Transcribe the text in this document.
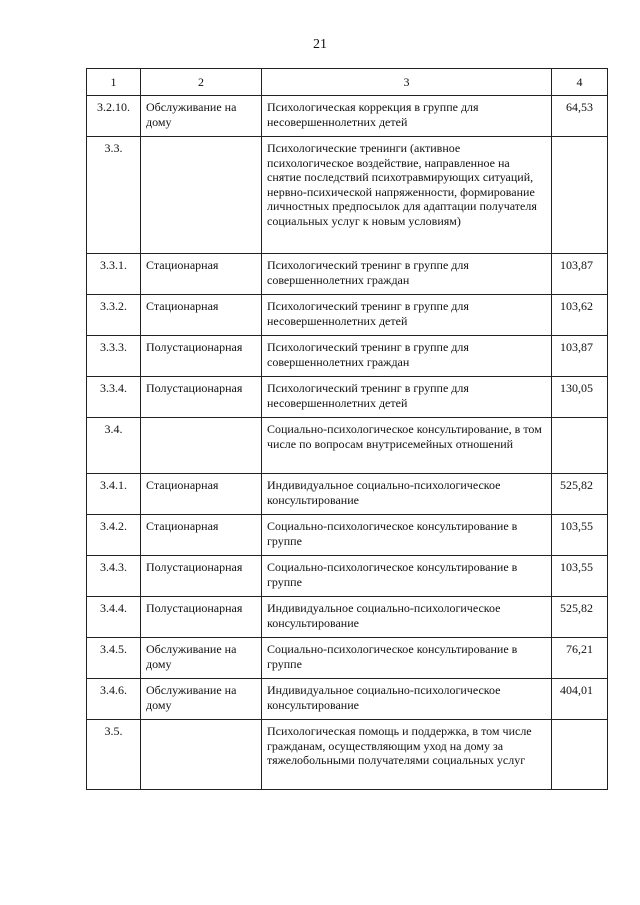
21
1	2	3	4
3.2.10.	Обслуживание на дому	Психологическая коррекция в группе для несовершеннолетних детей	64,53
3.3.		Психологические тренинги (активное психологическое воздействие, направленное на снятие последствий психотравмирующих ситуаций, нервно-психической напряженности, формирование личностных предпосылок для адаптации получателя социальных услуг к новым условиям)	
3.3.1.	Стационарная	Психологический тренинг в группе для совершеннолетних граждан	103,87
3.3.2.	Стационарная	Психологический тренинг в группе для несовершеннолетних детей	103,62
3.3.3.	Полустационарная	Психологический тренинг в группе для совершеннолетних граждан	103,87
3.3.4.	Полустационарная	Психологический тренинг в группе для несовершеннолетних детей	130,05
3.4.		Социально-психологическое консультирование, в том числе по вопросам внутрисемейных отношений	
3.4.1.	Стационарная	Индивидуальное социально-психологическое консультирование	525,82
3.4.2.	Стационарная	Социально-психологическое консультирование в группе	103,55
3.4.3.	Полустационарная	Социально-психологическое консультирование в группе	103,55
3.4.4.	Полустационарная	Индивидуальное социально-психологическое консультирование	525,82
3.4.5.	Обслуживание на дому	Социально-психологическое консультирование в группе	76,21
3.4.6.	Обслуживание на дому	Индивидуальное социально-психологическое консультирование	404,01
3.5.		Психологическая помощь и поддержка, в том числе гражданам, осуществляющим уход на дому за тяжелобольными получателями социальных услуг	
